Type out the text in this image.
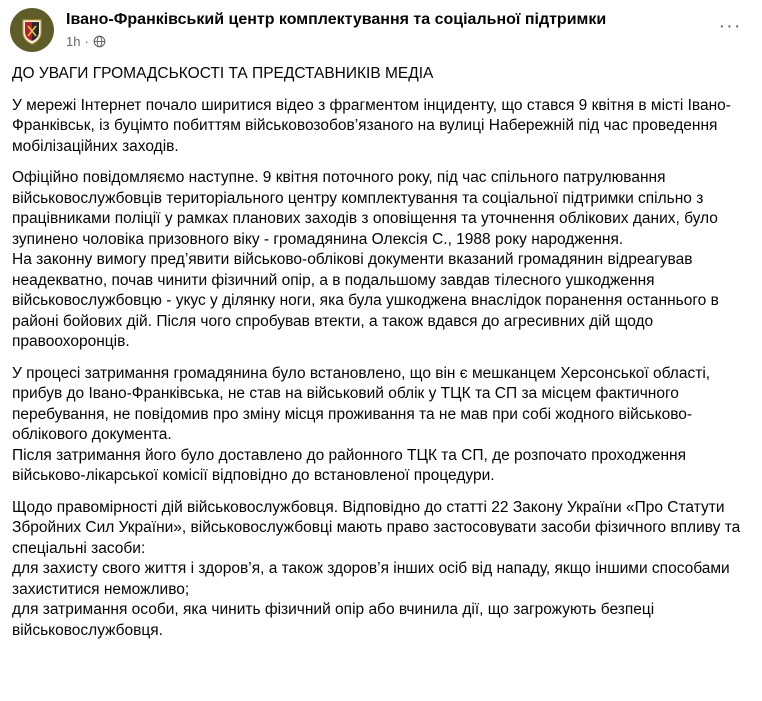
Івано-Франківський центр комплектування та соціальної підтримки
1h ·
···

ДО УВАГИ ГРОМАДСЬКОСТІ ТА ПРЕДСТАВНИКІВ МЕДІА

У мережі Інтернет почало ширитися відео з фрагментом інциденту, що стався 9 квітня в місті Івано-Франківськ, із буцімто побиттям військовозобов’язаного на вулиці Набережній під час проведення мобілізаційних заходів.

Офіційно повідомляємо наступне. 9 квітня поточного року, під час спільного патрулювання військовослужбовців територіального центру комплектування та соціальної підтримки спільно з працівниками поліції у рамках планових заходів з оповіщення та уточнення облікових даних, було зупинено чоловіка призовного віку - громадянина Олексія С., 1988 року народження.
На законну вимогу пред’явити військово-облікові документи вказаний громадянин відреагував неадекватно, почав чинити фізичний опір, а в подальшому завдав тілесного ушкодження військовослужбовцю - укус у ділянку ноги, яка була ушкоджена внаслідок поранення останнього в районі бойових дій. Після чого спробував втекти, а також вдався до агресивних дій щодо правоохоронців.

У процесі затримання громадянина було встановлено, що він є мешканцем Херсонської області, прибув до Івано-Франківська, не став на військовий облік у ТЦК та СП за місцем фактичного перебування, не повідомив про зміну місця проживання та не мав при собі жодного військово-облікового документа.
Після затримання його було доставлено до районного ТЦК та СП, де розпочато проходження військово-лікарської комісії відповідно до встановленої процедури.

Щодо правомірності дій військовослужбовця. Відповідно до статті 22 Закону України «Про Статути Збройних Сил України», військовослужбовці мають право застосовувати засоби фізичного впливу та спеціальні засоби:
для захисту свого життя і здоров’я, а також здоров’я інших осіб від нападу, якщо іншими способами захиститися неможливо;
для затримання особи, яка чинить фізичний опір або вчинила дії, що загрожують безпеці військовослужбовця.
